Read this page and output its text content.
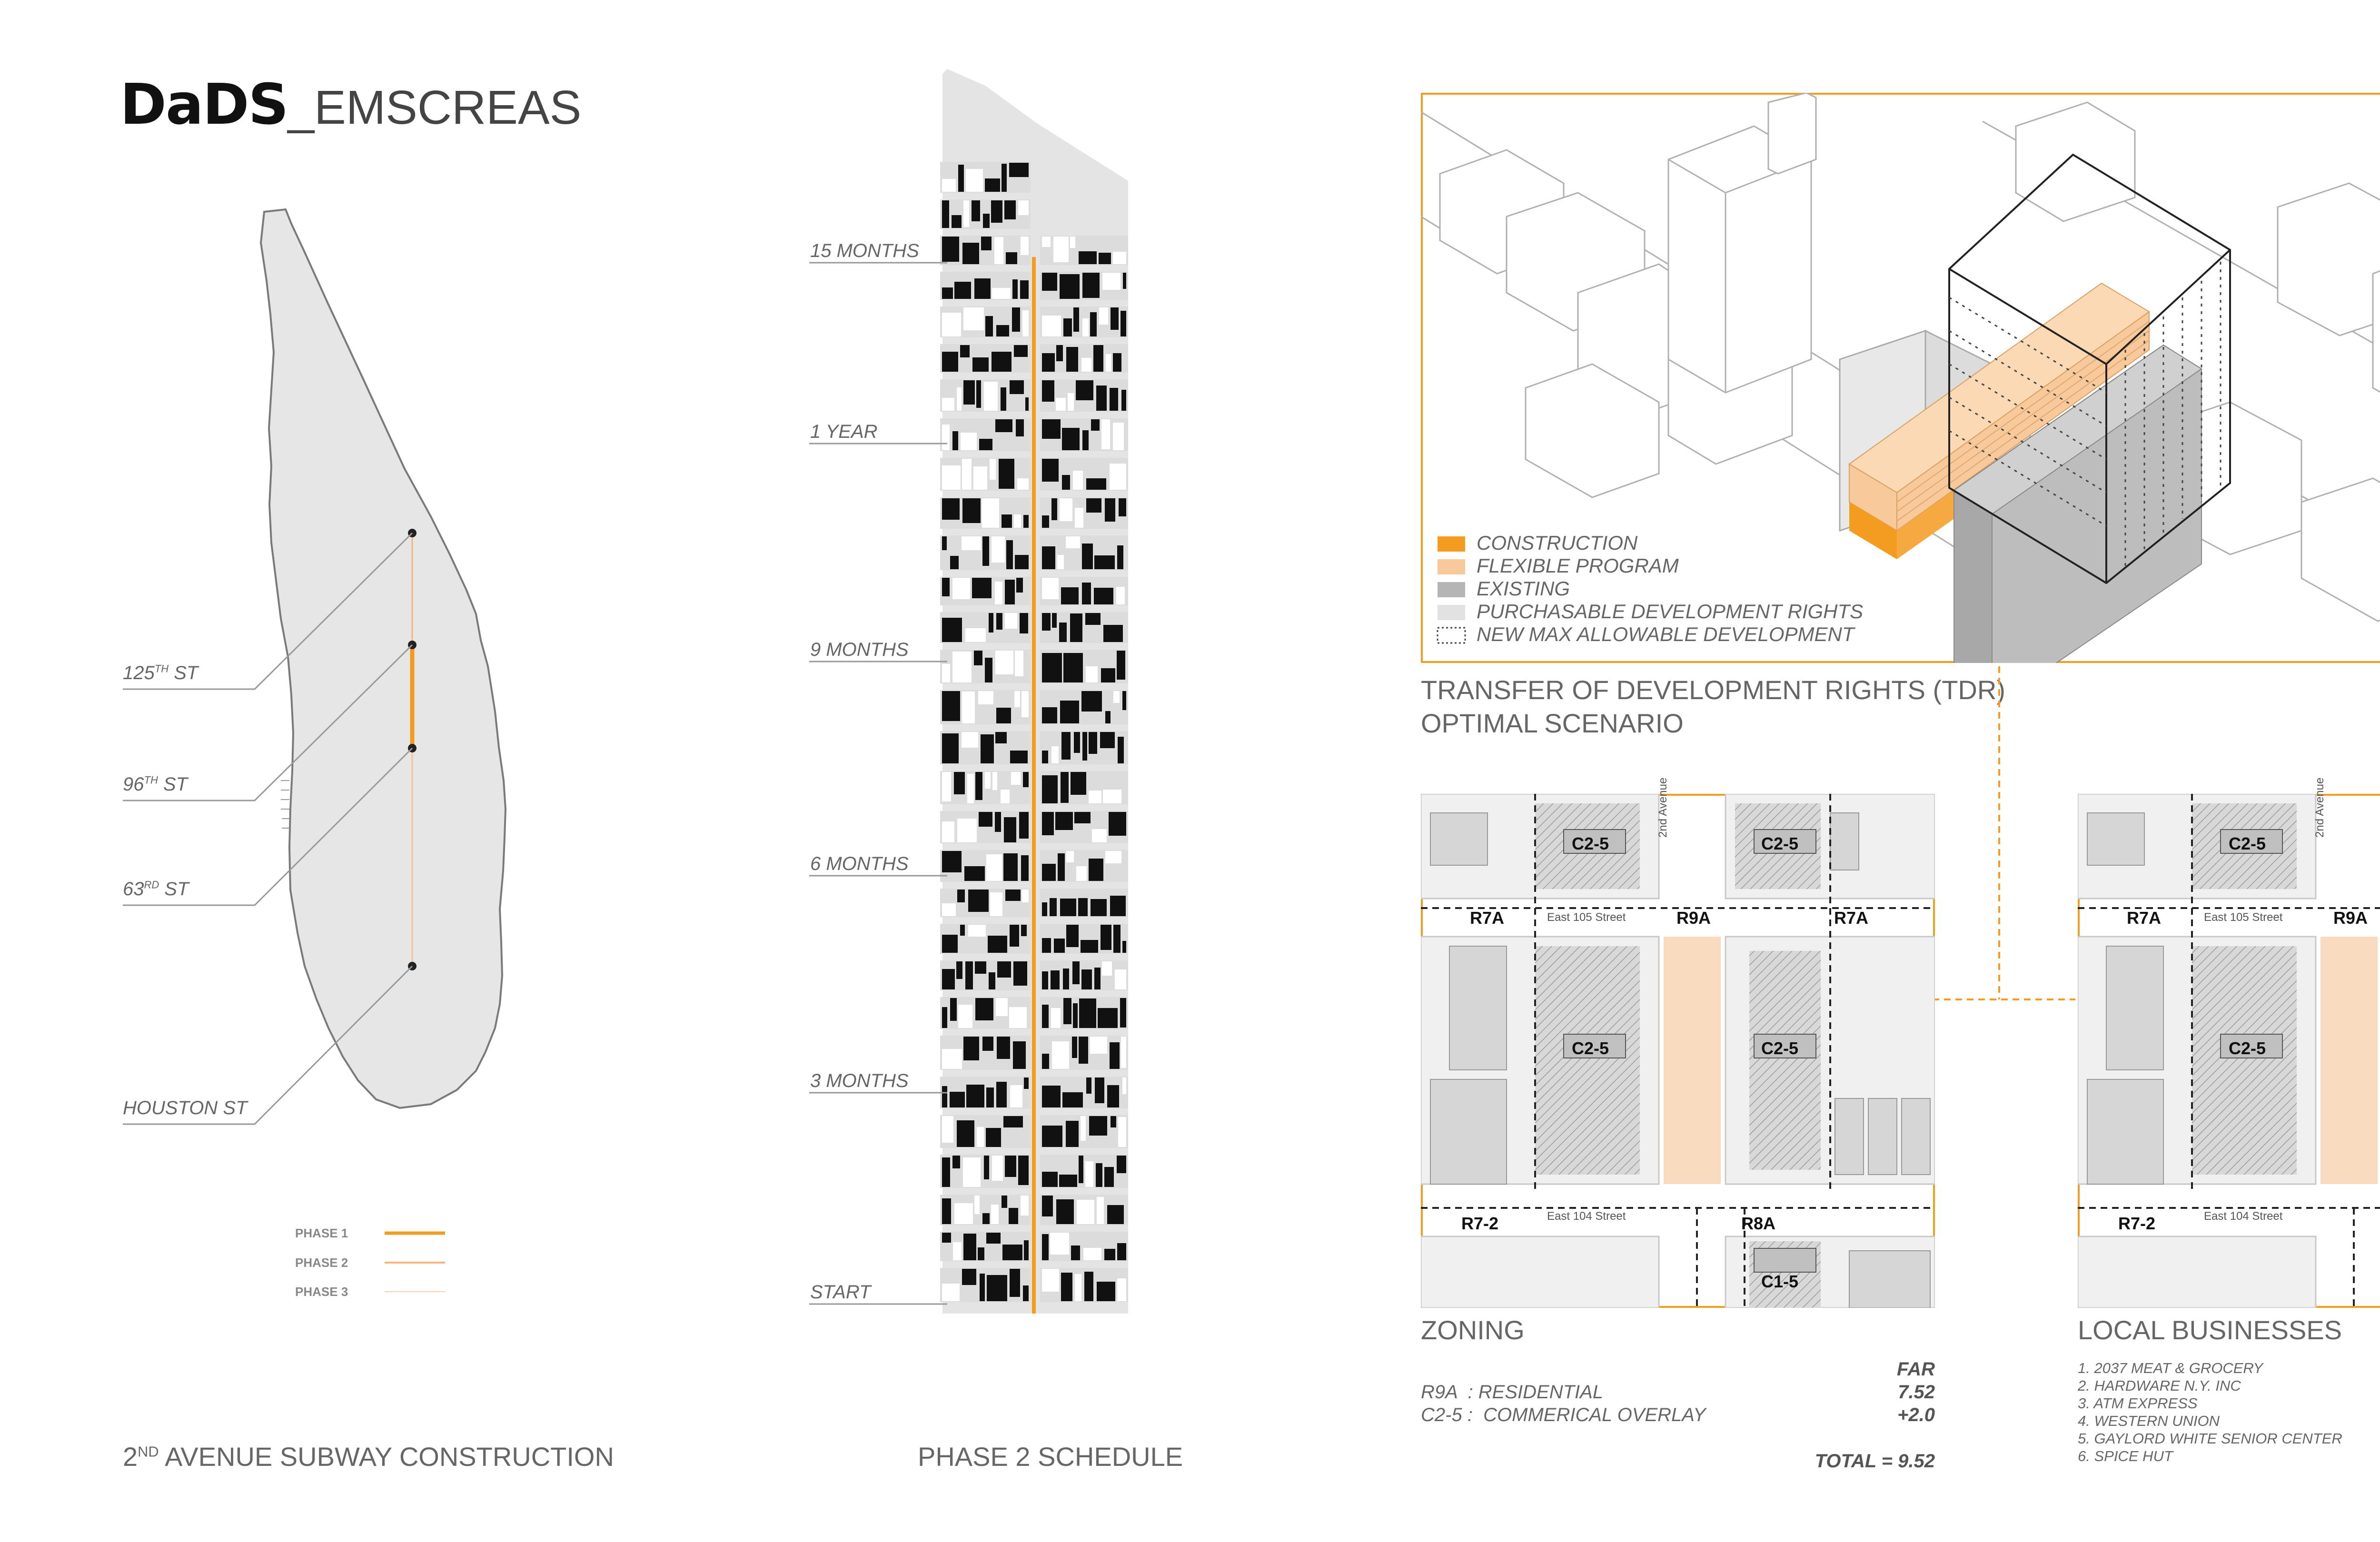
DaDS_EMSCREAS
125TH ST
96TH ST
63RD ST
HOUSTON ST
PHASE 1
PHASE 2
PHASE 3
2ND AVENUE SUBWAY CONSTRUCTION
15 MONTHS
1 YEAR
9 MONTHS
6 MONTHS
3 MONTHS
START
PHASE 2 SCHEDULE
CONSTRUCTION
FLEXIBLE PROGRAM
EXISTING
PURCHASABLE DEVELOPMENT RIGHTS
NEW MAX ALLOWABLE DEVELOPMENT
TRANSFER OF DEVELOPMENT RIGHTS (TDR)
OPTIMAL SCENARIO
C2-5	C2-5
R7A	R9A	R7A
East 105 Street
2nd Avenue
C2-5	C2-5
R7-2	East 104 Street	R8A
C1-5
C2-5
R7A	R9A
East 105 Street
2nd Avenue
C2-5
R7-2	East 104 Street
ZONING
FAR
R9A  : RESIDENTIAL	7.52
C2-5 :  COMMERICAL OVERLAY	+2.0
TOTAL = 9.52
LOCAL BUSINESSES
1. 2037 MEAT & GROCERY
2. HARDWARE N.Y. INC
3. ATM EXPRESS
4. WESTERN UNION
5. GAYLORD WHITE SENIOR CENTER
6. SPICE HUT
